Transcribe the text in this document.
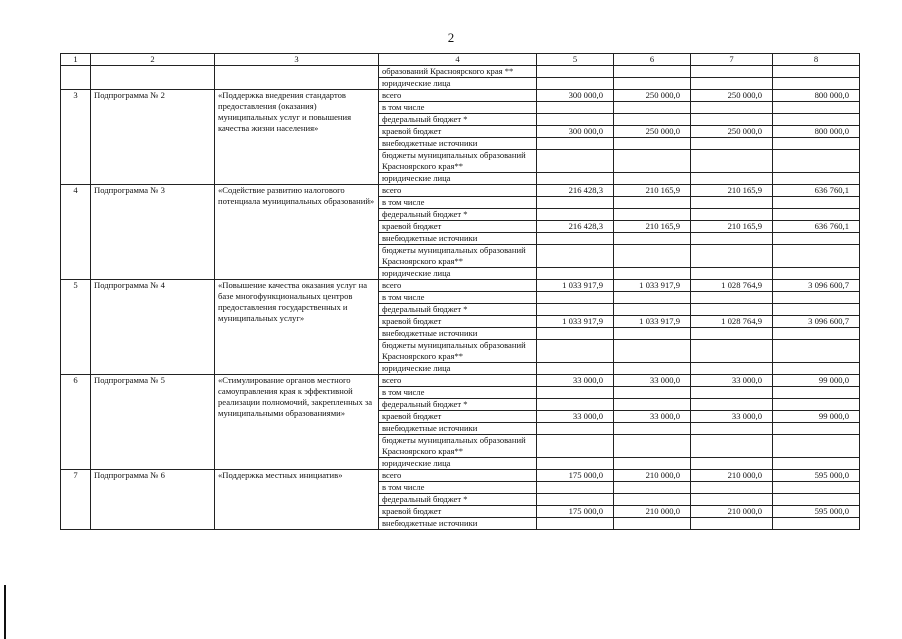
2
1	2	3	4	5	6	7	8
			образований Красноярского края **				
			юридические лица				
3	Подпрограмма № 2	«Поддержка внедрения стандартов предоставления (оказания) муниципальных услуг и повышения качества жизни населения»	всего	300 000,0	250 000,0	250 000,0	800 000,0
			в том числе				
			федеральный бюджет *				
			краевой бюджет	300 000,0	250 000,0	250 000,0	800 000,0
			внебюджетные источники				
			бюджеты муниципальных образований Красноярского края**				
			юридические лица				
4	Подпрограмма № 3	«Содействие развитию налогового потенциала муниципальных образований»	всего	216 428,3	210 165,9	210 165,9	636 760,1
			в том числе				
			федеральный бюджет *				
			краевой бюджет	216 428,3	210 165,9	210 165,9	636 760,1
			внебюджетные источники				
			бюджеты муниципальных образований Красноярского края**				
			юридические лица				
5	Подпрограмма № 4	«Повышение качества оказания услуг на базе многофункциональных центров предоставления государственных и муниципальных услуг»	всего	1 033 917,9	1 033 917,9	1 028 764,9	3 096 600,7
			в том числе				
			федеральный бюджет *				
			краевой бюджет	1 033 917,9	1 033 917,9	1 028 764,9	3 096 600,7
			внебюджетные источники				
			бюджеты муниципальных образований Красноярского края**				
			юридические лица				
6	Подпрограмма № 5	«Стимулирование органов местного самоуправления края к эффективной реализации полномочий, закрепленных за муниципальными образованиями»	всего	33 000,0	33 000,0	33 000,0	99 000,0
			в том числе				
			федеральный бюджет *				
			краевой бюджет	33 000,0	33 000,0	33 000,0	99 000,0
			внебюджетные источники				
			бюджеты муниципальных образований Красноярского края**				
			юридические лица				
7	Подпрограмма № 6	«Поддержка местных инициатив»	всего	175 000,0	210 000,0	210 000,0	595 000,0
			в том числе				
			федеральный бюджет *				
			краевой бюджет	175 000,0	210 000,0	210 000,0	595 000,0
			внебюджетные источники				
